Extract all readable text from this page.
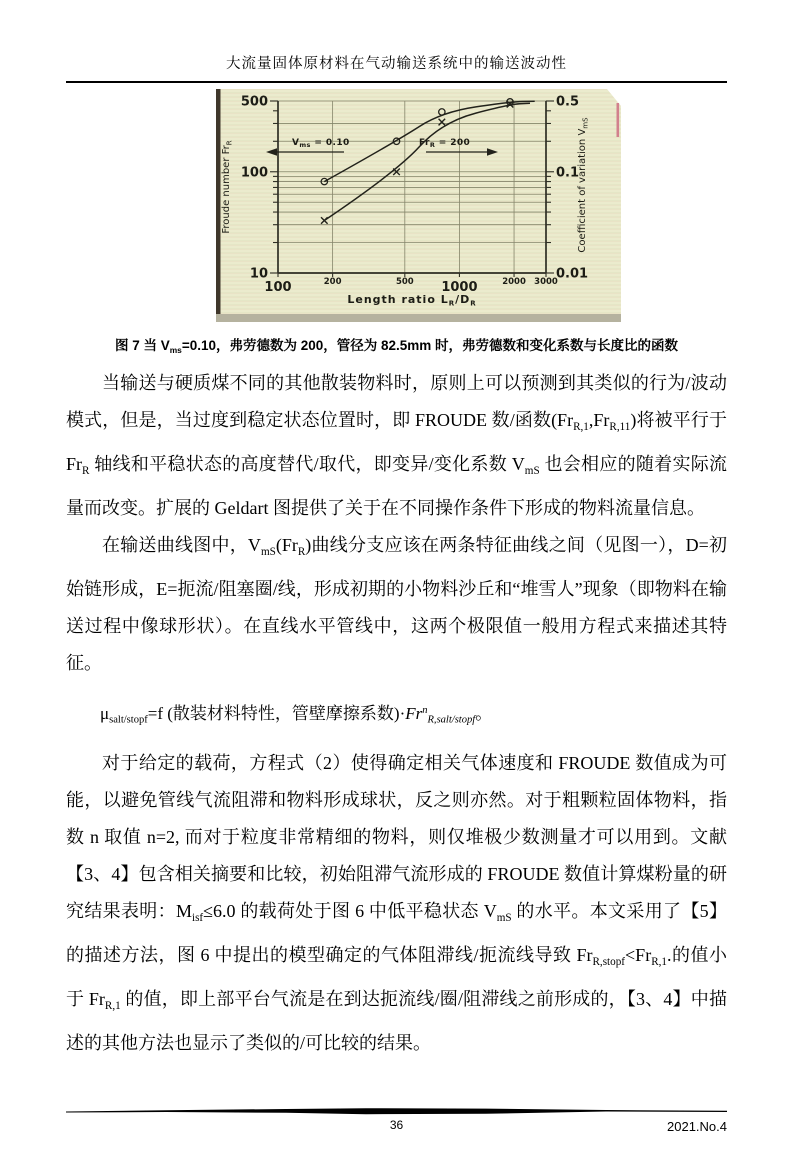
大流量固体原材料在气动输送系统中的输送波动性
100	200	500 1000	2000 3000
500
100
10
0.5
0.1
0.01
Froude number $Fr_R$	Coefficient of variation $V_{mS}$
Length ratio $L_R/D_R$
$V_{ms} = 0.10$	$Fr_R = 200$
图 7 当 $V_{ms}=0.10$，弗劳德数为 200，管径为 82.5mm 时，弗劳德数和变化系数与长度比的函数

当输送与硬质煤不同的其他散装物料时，原则上可以预测到其类似的行为/波动模式，但是，当过度到稳定状态位置时，即 FROUDE 数/函数$(Fr_{R,1},Fr_{R,11})$将被平行于 $Fr_R$ 轴线和平稳状态的高度替代/取代，即变异/变化系数 $V_{mS}$ 也会相应的随着实际流量而改变。扩展的 Geldart 图提供了关于在不同操作条件下形成的物料流量信息。

在输送曲线图中，$V_{mS}(Fr_R)$曲线分支应该在两条特征曲线之间（见图一），D=初始链形成，E=扼流/阻塞圈/线，形成初期的小物料沙丘和“堆雪人”现象（即物料在输送过程中像球形状）。在直线水平管线中，这两个极限值一般用方程式来描述其特征。

$\mu_{salt/stopf}=f$ (散装材料特性，管壁摩擦系数)$\cdot Fr^n_{R,salt/stopf}$。

对于给定的载荷，方程式（2）使得确定相关气体速度和 FROUDE 数值成为可能，以避免管线气流阻滞和物料形成球状，反之则亦然。对于粗颗粒固体物料，指数 n 取值 n=2, 而对于粒度非常精细的物料，则仅堆极少数测量才可以用到。文献【3、4】包含相关摘要和比较，初始阻滞气流形成的 FROUDE 数值计算煤粉量的研究结果表明：$M_{isf}\le 6.0$ 的载荷处于图 6 中低平稳状态 $V_{mS}$ 的水平。本文采用了【5】的描述方法，图 6 中提出的模型确定的气体阻滞线/扼流线导致 $Fr_{R,stopf}<Fr_{R,1}$.的值小于 $Fr_{R,1}$ 的值，即上部平台气流是在到达扼流线/圈/阻滞线之前形成的，【3、4】中描述的其他方法也显示了类似的/可比较的结果。

36	2021.No.4
